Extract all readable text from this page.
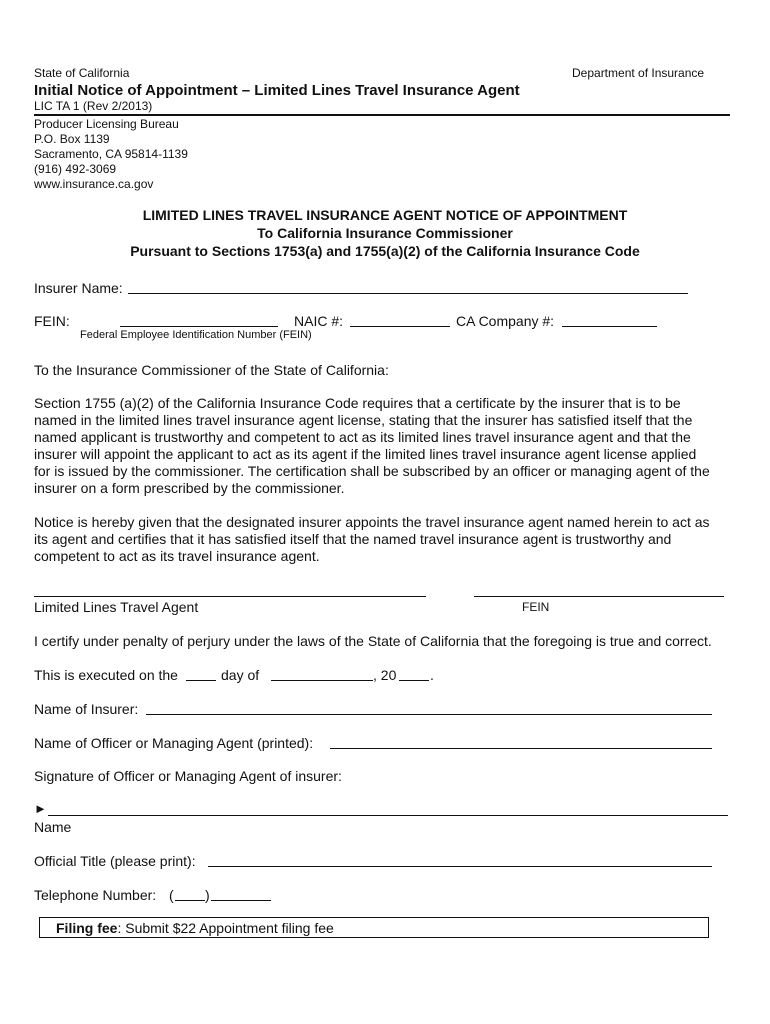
State of California	Department of Insurance
Initial Notice of Appointment – Limited Lines Travel Insurance Agent
LIC TA 1 (Rev 2/2013)
Producer Licensing Bureau
P.O. Box 1139
Sacramento, CA 95814-1139
(916) 492-3069
www.insurance.ca.gov
LIMITED LINES TRAVEL INSURANCE AGENT NOTICE OF APPOINTMENT
To California Insurance Commissioner
Pursuant to Sections 1753(a) and 1755(a)(2) of the California Insurance Code
Insurer Name:
FEIN:
Federal Employee Identification Number (FEIN)
NAIC #:	CA Company #:
To the Insurance Commissioner of the State of California:
Section 1755 (a)(2) of the California Insurance Code requires that a certificate by the insurer that is to be
named in the limited lines travel insurance agent license, stating that the insurer has satisfied itself that the
named applicant is trustworthy and competent to act as its limited lines travel insurance agent and that the
insurer will appoint the applicant to act as its agent if the limited lines travel insurance agent license applied
for is issued by the commissioner. The certification shall be subscribed by an officer or managing agent of the
insurer on a form prescribed by the commissioner.
Notice is hereby given that the designated insurer appoints the travel insurance agent named herein to act as
its agent and certifies that it has satisfied itself that the named travel insurance agent is trustworthy and
competent to act as its travel insurance agent.
Limited Lines Travel Agent	FEIN
I certify under penalty of perjury under the laws of the State of California that the foregoing is true and correct.
This is executed on the	day of	, 20 .
Name of Insurer:
Name of Officer or Managing Agent (printed):
Signature of Officer or Managing Agent of insurer:
►
Name
Official Title (please print):
Telephone Number: ( )
Filing fee: Submit $22 Appointment filing fee
